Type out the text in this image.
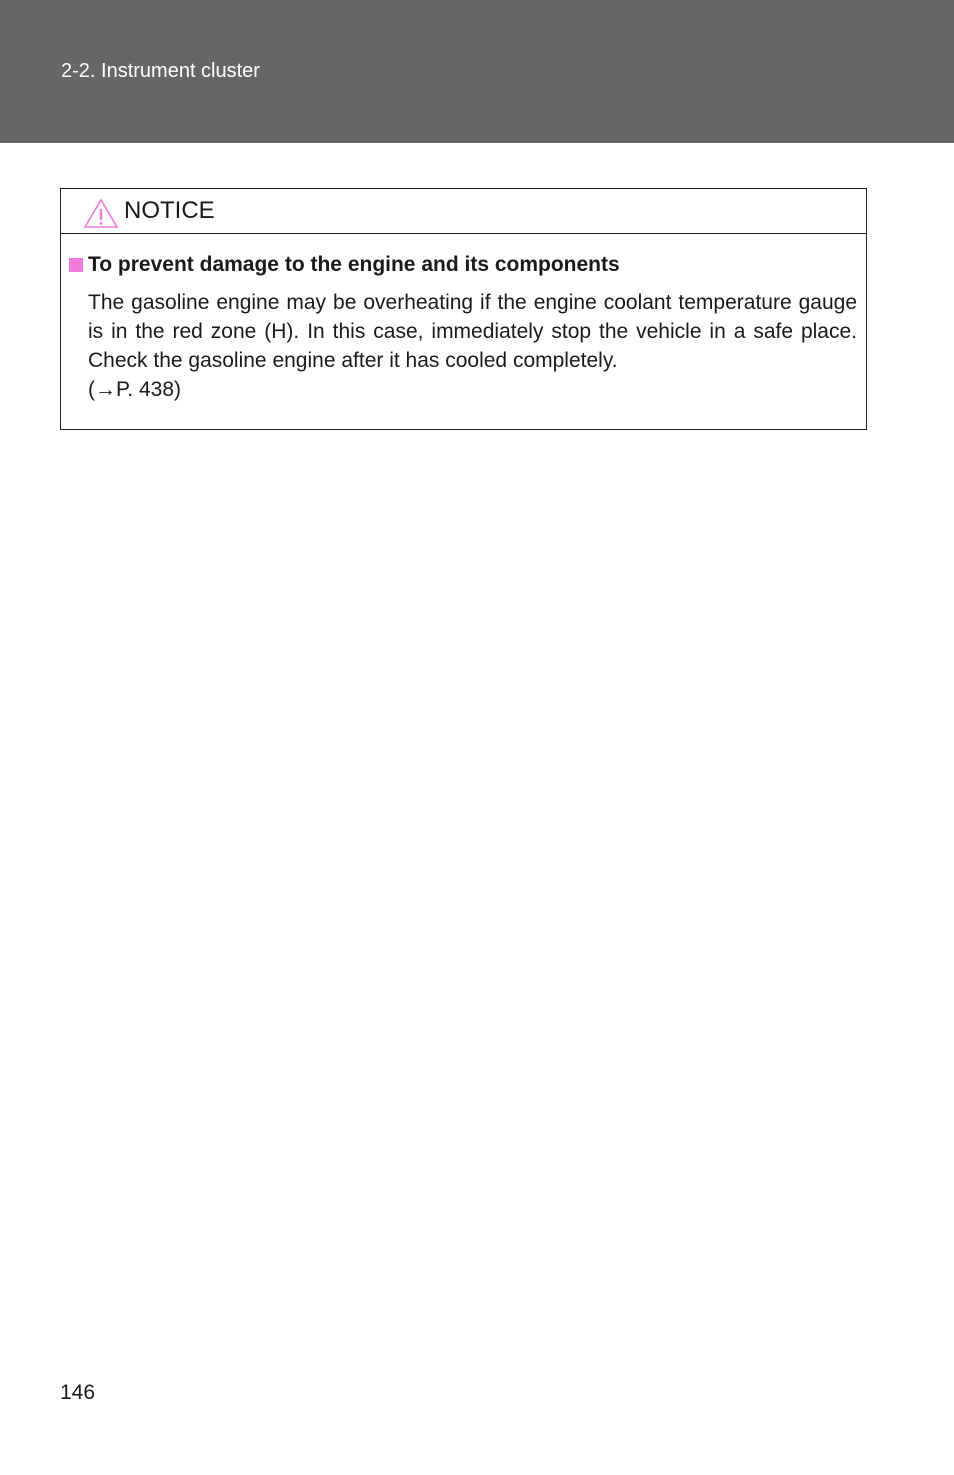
2-2. Instrument cluster
NOTICE
To prevent damage to the engine and its components

The gasoline engine may be overheating if the engine coolant temperature gauge is in the red zone (H). In this case, immediately stop the vehicle in a safe place. Check the gasoline engine after it has cooled completely.

(→P. 438)
146
